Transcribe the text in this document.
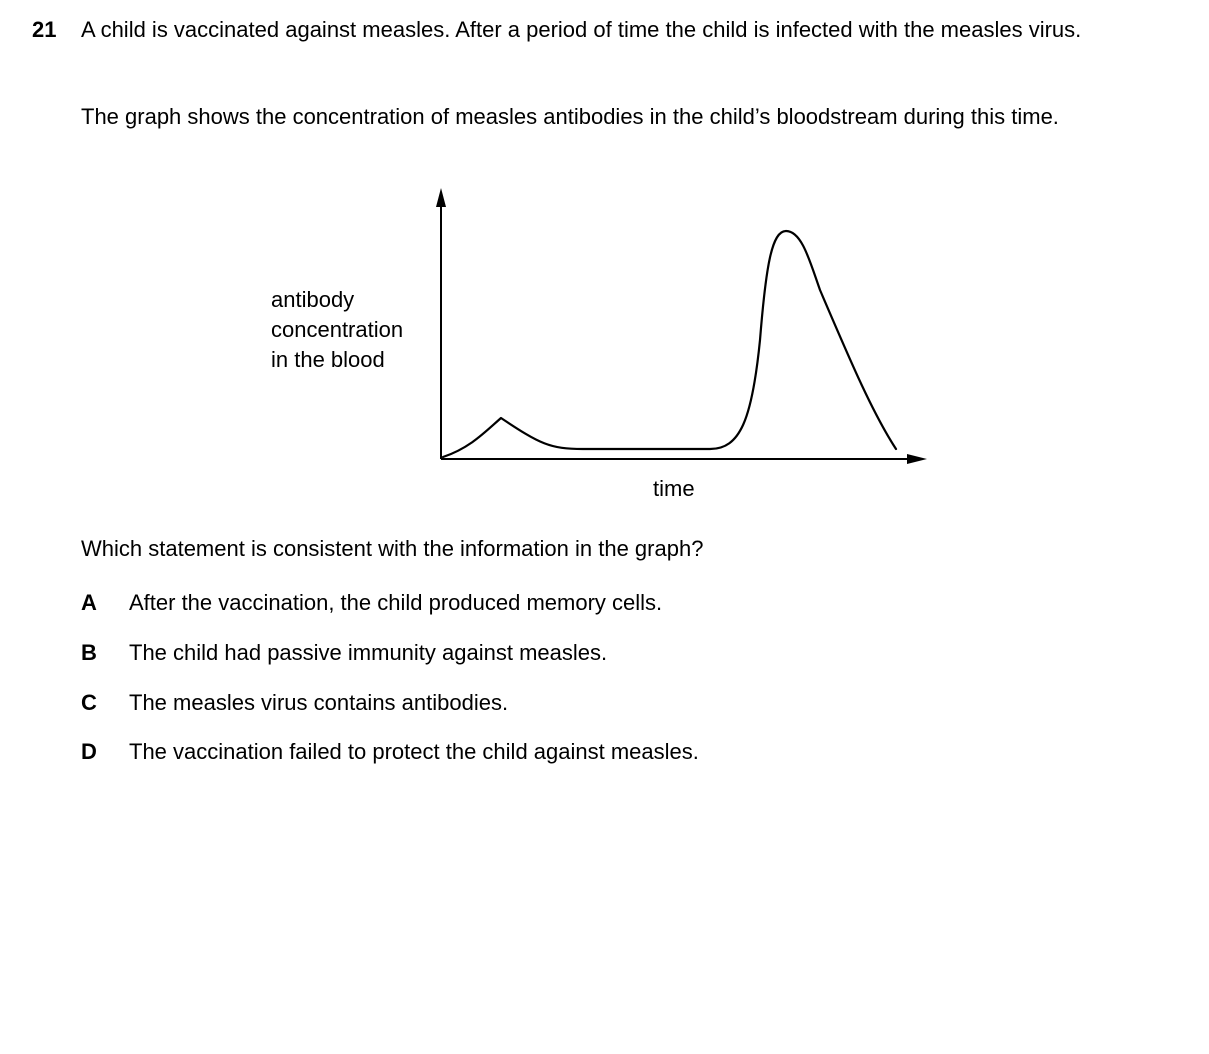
21 A child is vaccinated against measles. After a period of time the child is infected with the measles virus.
The graph shows the concentration of measles antibodies in the child’s bloodstream during this time.
antibody
concentration
in the blood
time
Which statement is consistent with the information in the graph?
A After the vaccination, the child produced memory cells.
B The child had passive immunity against measles.
C The measles virus contains antibodies.
D The vaccination failed to protect the child against measles.
